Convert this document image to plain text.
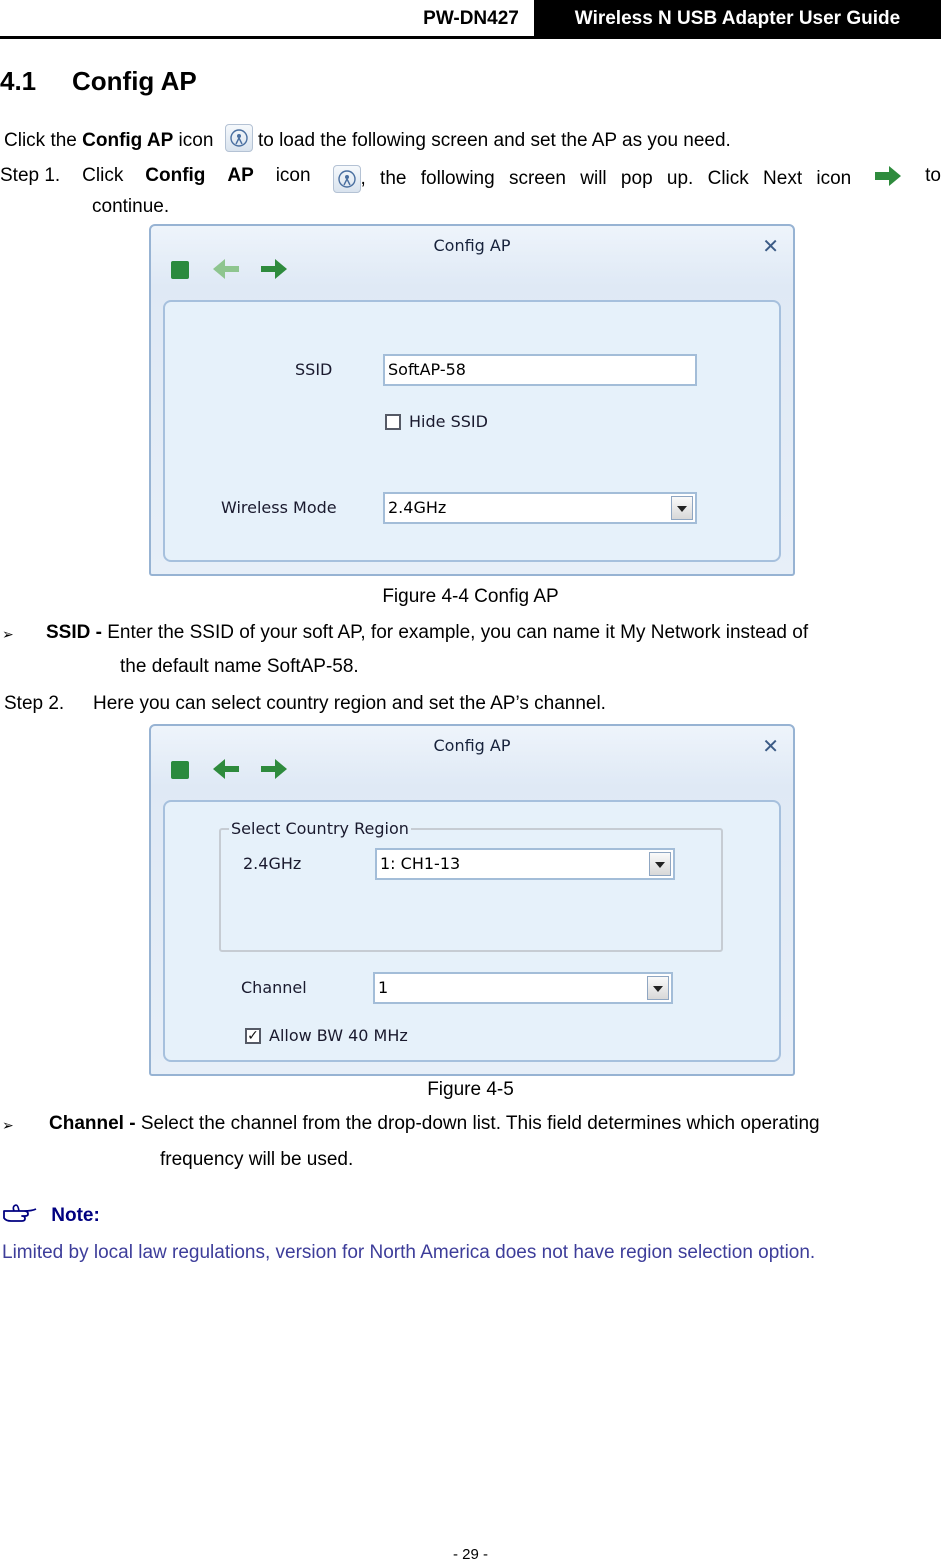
PW-DN427	Wireless N USB Adapter User Guide
4.1 Config AP
Click the Config AP icon
to load the following screen and set the AP as you need.
Step 1. Click Config AP icon	, the following screen will pop up. Click Next icon	to
continue.
Config AP	✕
SSID	SoftAP-58
Hide SSID
Wireless Mode	2.4GHz
Figure 4-4 Config AP
➢ SSID - Enter the SSID of your soft AP, for example, you can name it My Network instead of
the default name SoftAP-58.
Step 2. Here you can select country region and set the AP’s channel.
Config AP	✕
Select Country Region
2.4GHz	1: CH1-13
Channel	1
✓ Allow BW 40 MHz
Figure 4-5
➢ Channel - Select the channel from the drop-down list. This field determines which operating
frequency will be used.
Note:
Limited by local law regulations, version for North America does not have region selection option.
- 29 -
